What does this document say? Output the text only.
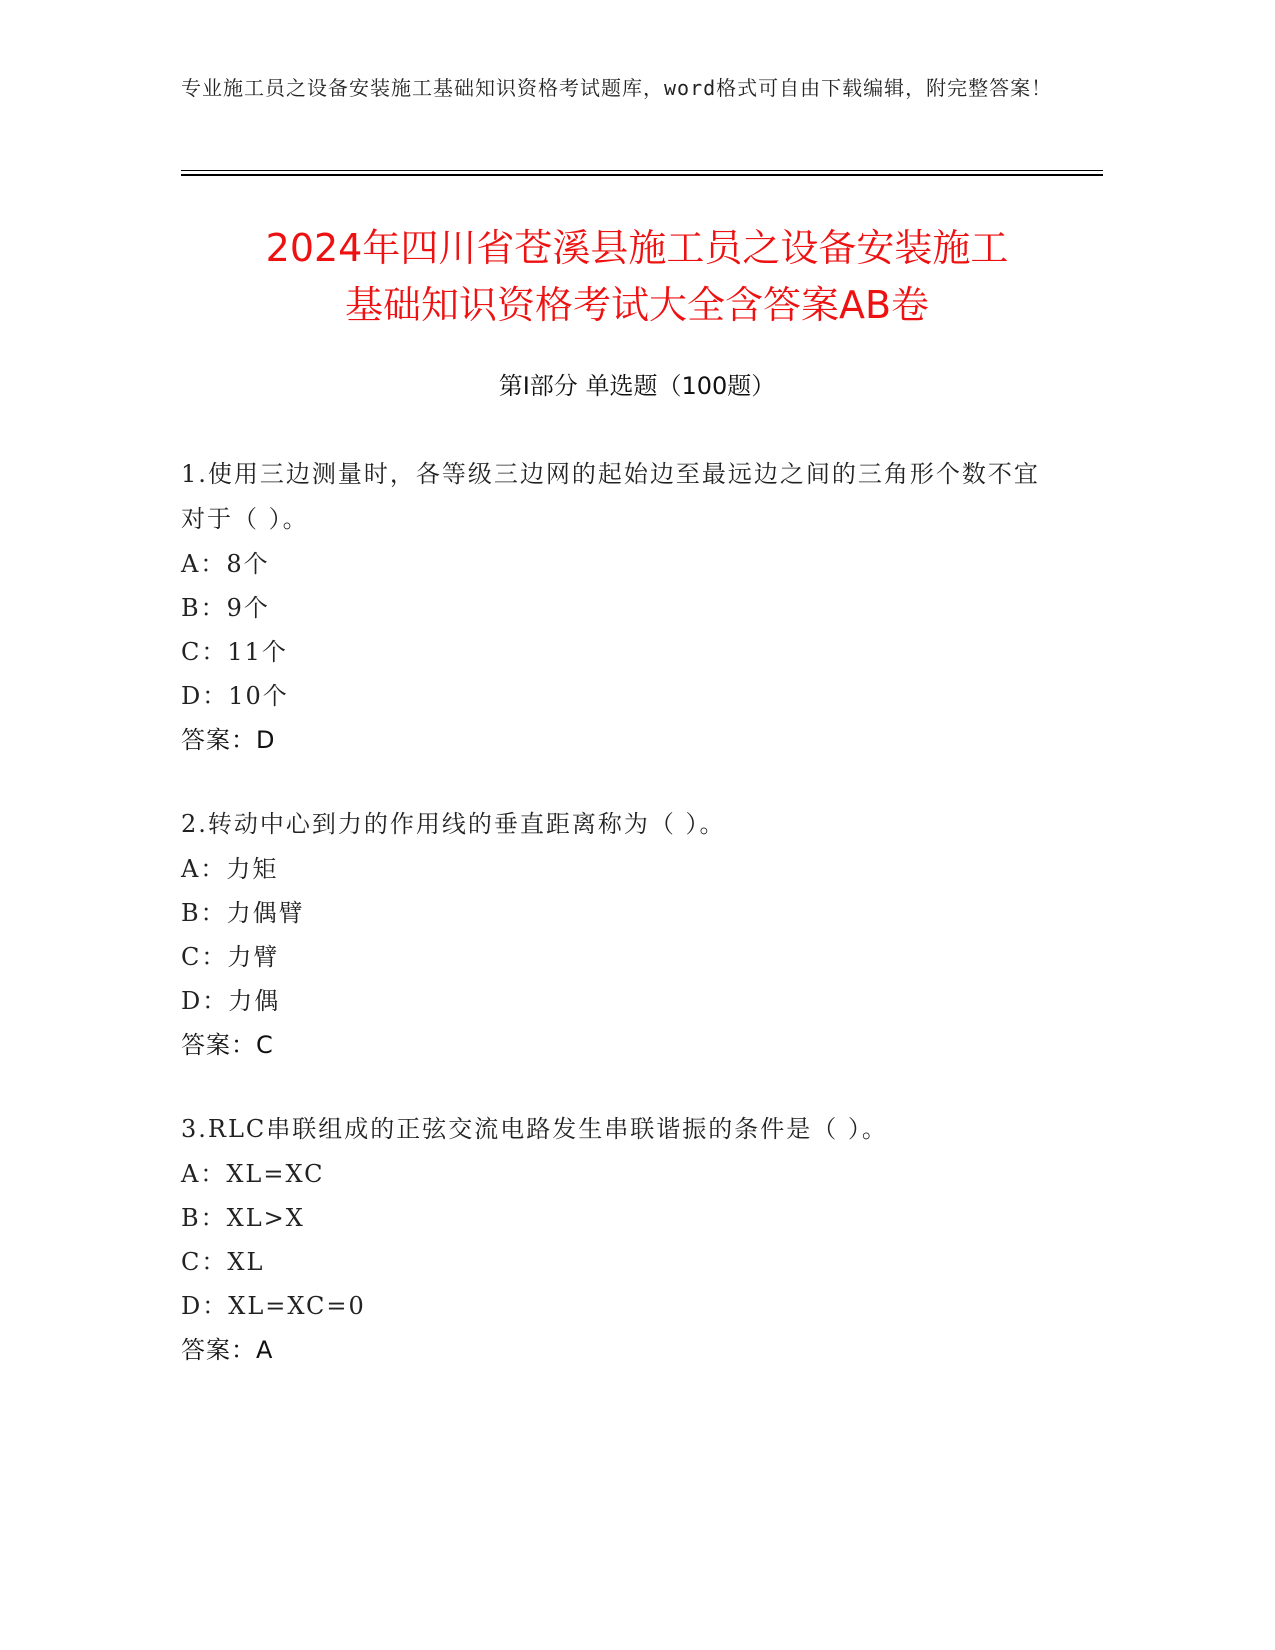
专业施工员之设备安装施工基础知识资格考试题库，word格式可自由下载编辑，附完整答案！
2024年四川省苍溪县施工员之设备安装施工
基础知识资格考试大全含答案AB卷
第Ⅰ部分 单选题（100题）
1.使用三边测量时，各等级三边网的起始边至最远边之间的三角形个数不宜对于（ ）。
A：8个
B：9个
C：11个
D：10个
答案：D
2.转动中心到力的作用线的垂直距离称为（ ）。
A：力矩
B：力偶臂
C：力臂
D：力偶
答案：C
3.RLC串联组成的正弦交流电路发生串联谐振的条件是（ ）。
A：XL=XC
B：XL>X
C：XL
D：XL=XC=0
答案：A
